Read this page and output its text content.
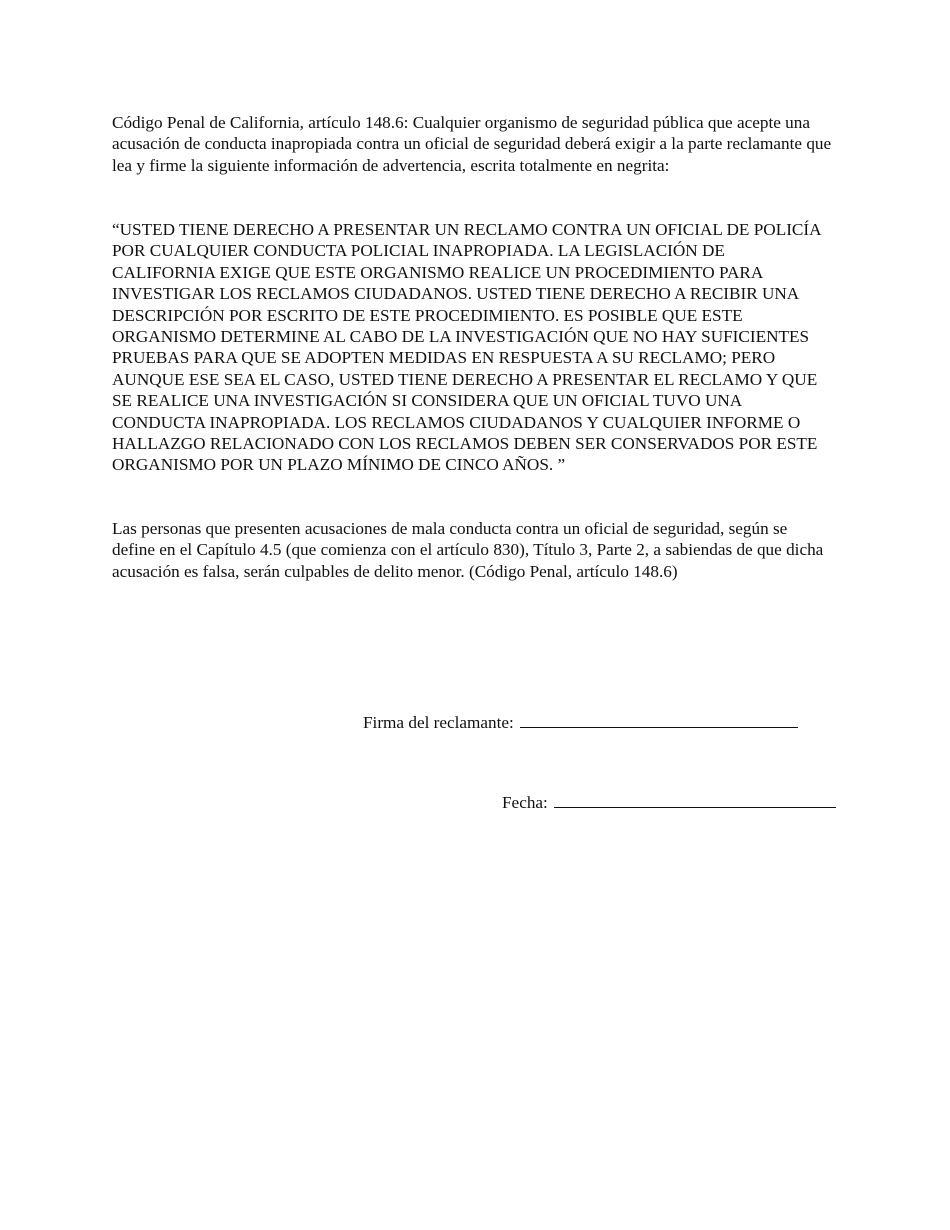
Código Penal de California, artículo 148.6: Cualquier organismo de seguridad pública que acepte una acusación de conducta inapropiada contra un oficial de seguridad deberá exigir a la parte reclamante que lea y firme la siguiente información de advertencia, escrita totalmente en negrita:

“USTED TIENE DERECHO A PRESENTAR UN RECLAMO CONTRA UN OFICIAL DE POLICÍA POR CUALQUIER CONDUCTA POLICIAL INAPROPIADA. LA LEGISLACIÓN DE CALIFORNIA EXIGE QUE ESTE ORGANISMO REALICE UN PROCEDIMIENTO PARA INVESTIGAR LOS RECLAMOS CIUDADANOS. USTED TIENE DERECHO A RECIBIR UNA DESCRIPCIÓN POR ESCRITO DE ESTE PROCEDIMIENTO. ES POSIBLE QUE ESTE ORGANISMO DETERMINE AL CABO DE LA INVESTIGACIÓN QUE NO HAY SUFICIENTES PRUEBAS PARA QUE SE ADOPTEN MEDIDAS EN RESPUESTA A SU RECLAMO; PERO AUNQUE ESE SEA EL CASO, USTED TIENE DERECHO A PRESENTAR EL RECLAMO Y QUE SE REALICE UNA INVESTIGACIÓN SI CONSIDERA QUE UN OFICIAL TUVO UNA CONDUCTA INAPROPIADA. LOS RECLAMOS CIUDADANOS Y CUALQUIER INFORME O HALLAZGO RELACIONADO CON LOS RECLAMOS DEBEN SER CONSERVADOS POR ESTE ORGANISMO POR UN PLAZO MÍNIMO DE CINCO AÑOS. ”

Las personas que presenten acusaciones de mala conducta contra un oficial de seguridad, según se define en el Capítulo 4.5 (que comienza con el artículo 830), Título 3, Parte 2, a sabiendas de que dicha acusación es falsa, serán culpables de delito menor. (Código Penal, artículo 148.6)

Firma del reclamante:
Fecha:
